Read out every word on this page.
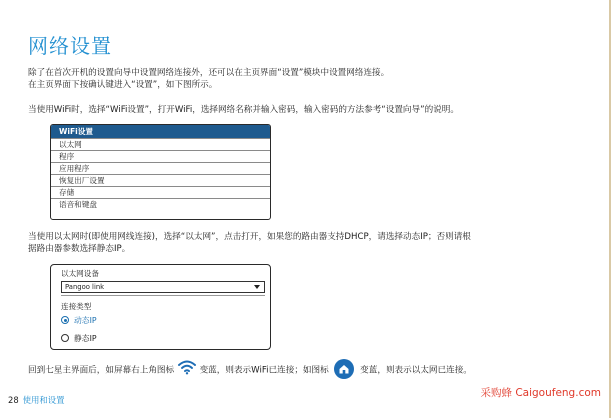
网络设置
除了在首次开机的设置向导中设置网络连接外，还可以在主页界面“设置”模块中设置网络连接。
在主页界面下按确认键进入“设置”，如下图所示。
当使用WiFi时，选择“WiFi设置”，打开WiFi，选择网络名称并输入密码，输入密码的方法参考“设置向导”的说明。
WiFi设置
以太网
程序
应用程序
恢复出厂设置
存储
语音和键盘
当使用以太网时(即使用网线连接)，选择“以太网”，点击打开，如果您的路由器支持DHCP，请选择动态IP；否则请根
据路由器参数选择静态IP。
以太网设备
Pangoo link
连接类型
动态IP
静态IP
回到七星主界面后，如屏幕右上角图标	变蓝，则表示WiFi已连接；如图标	变蓝，则表示以太网已连接。
28 使用和设置
采购蜂 Caigoufeng.com
